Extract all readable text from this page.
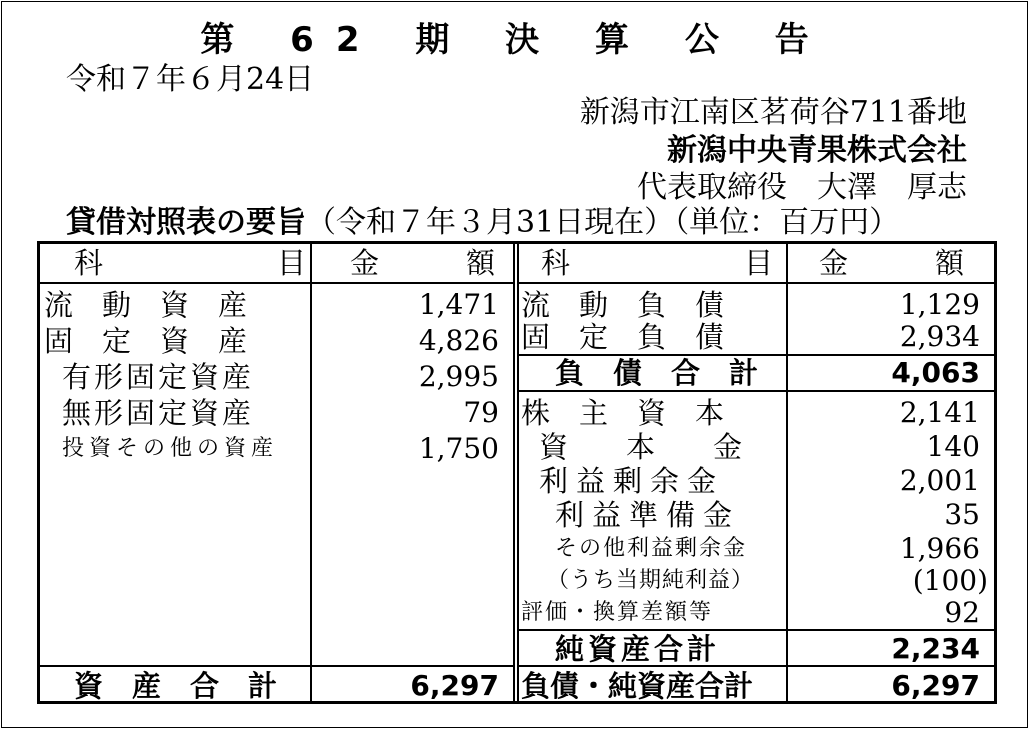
第 62 期 決 算 公 告
令和７年６月24日
新潟市江南区茗荷谷711番地
新潟中央青果株式会社
代表取締役　大澤　厚志
貸借対照表の要旨（令和７年３月31日現在）（単位：百万円）
科　　　　　　目 金　　　額
流　動　資　産	1,471
固　定　資　産	4,826
有形固定資産	2,995
無形固定資産	79
投資その他の資産	1,750
資　産　合　計	6,297
科　　　　　　目 金　　　額
流　動　負　債	1,129
固　定　負　債	2,934
負　債　合　計	4,063
株　主　資　本	2,141
資　　本　　金	140
利益剰余金	2,001
利益準備金	35
その他利益剰余金	1,966
（うち当期純利益）	(100)
評価・換算差額等	92
純資産合計	2,234
負債・純資産合計	6,297
